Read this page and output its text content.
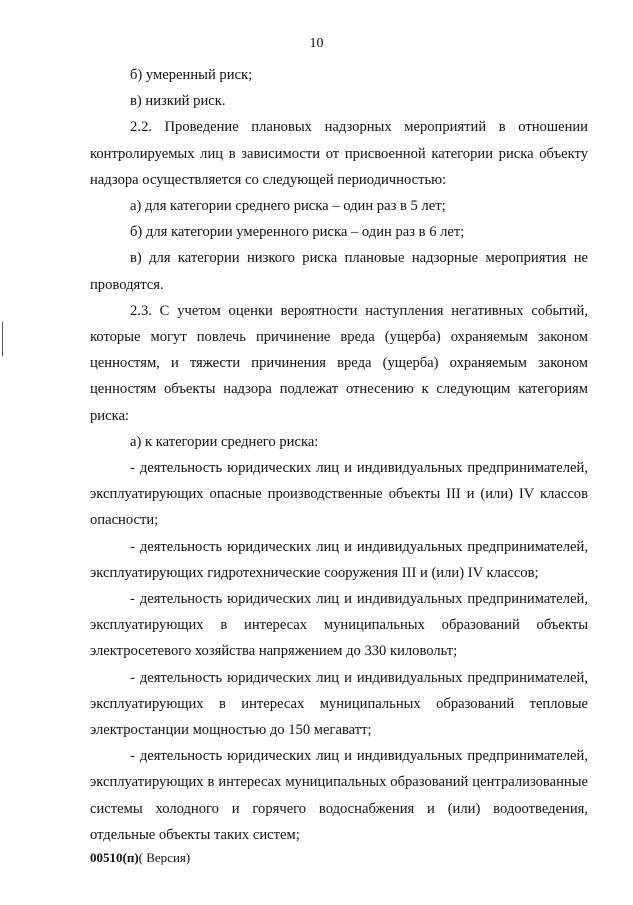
10

б) умеренный риск;

в) низкий риск.

2.2. Проведение плановых надзорных мероприятий в отношении контролируемых лиц в зависимости от присвоенной категории риска объекту надзора осуществляется со следующей периодичностью:

а) для категории среднего риска – один раз в 5 лет;

б) для категории умеренного риска – один раз в 6 лет;

в) для категории низкого риска плановые надзорные мероприятия не проводятся.

2.3. С учетом оценки вероятности наступления негативных событий, которые могут повлечь причинение вреда (ущерба) охраняемым законом ценностям, и тяжести причинения вреда (ущерба) охраняемым законом ценностям объекты надзора подлежат отнесению к следующим категориям риска:

а) к категории среднего риска:

- деятельность юридических лиц и индивидуальных предпринимателей, эксплуатирующих опасные производственные объекты III и (или) IV классов опасности;

- деятельность юридических лиц и индивидуальных предпринимателей, эксплуатирующих гидротехнические сооружения III и (или) IV классов;

- деятельность юридических лиц и индивидуальных предпринимателей, эксплуатирующих в интересах муниципальных образований объекты электросетевого хозяйства напряжением до 330 киловольт;

- деятельность юридических лиц и индивидуальных предпринимателей, эксплуатирующих в интересах муниципальных образований тепловые электростанции мощностью до 150 мегаватт;

- деятельность юридических лиц и индивидуальных предпринимателей, эксплуатирующих в интересах муниципальных образований централизованные системы холодного и горячего водоснабжения и (или) водоотведения, отдельные объекты таких систем;

00510(п)( Версия)
